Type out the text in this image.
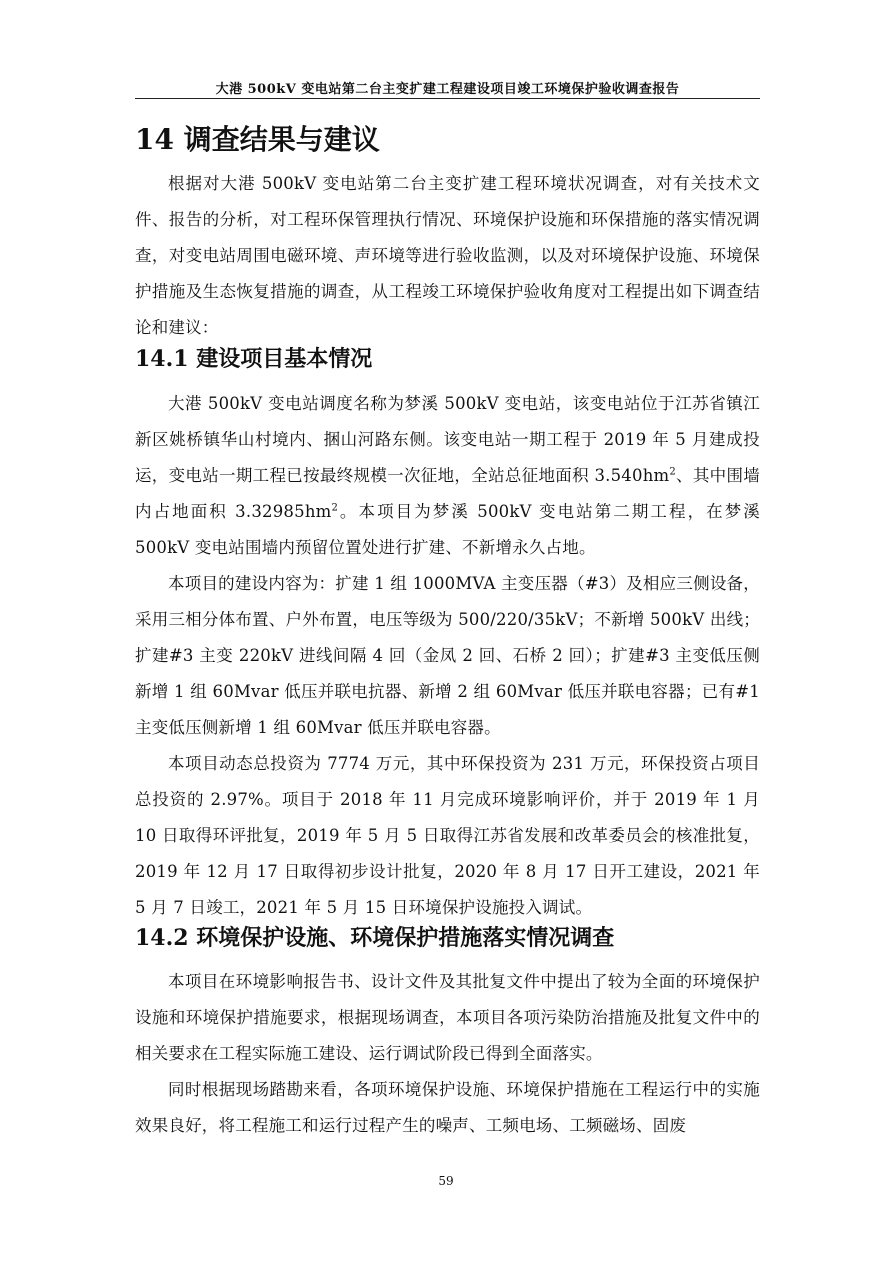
大港 500kV 变电站第二台主变扩建工程建设项目竣工环境保护验收调查报告
14 调查结果与建议

根据对大港 500kV 变电站第二台主变扩建工程环境状况调查，对有关技术文件、报告的分析，对工程环保管理执行情况、环境保护设施和环保措施的落实情况调查，对变电站周围电磁环境、声环境等进行验收监测，以及对环境保护设施、环境保护措施及生态恢复措施的调查，从工程竣工环境保护验收角度对工程提出如下调查结论和建议：

14.1 建设项目基本情况

大港 500kV 变电站调度名称为梦溪 500kV 变电站，该变电站位于江苏省镇江新区姚桥镇华山村境内、捆山河路东侧。该变电站一期工程于 2019 年 5 月建成投运，变电站一期工程已按最终规模一次征地，全站总征地面积 $3.540hm^2$、其中围墙内占地面积 $3.32985hm^2$。本项目为梦溪 500kV 变电站第二期工程，在梦溪 500kV 变电站围墙内预留位置处进行扩建、不新增永久占地。

本项目的建设内容为：扩建 1 组 1000MVA 主变压器（#3）及相应三侧设备，采用三相分体布置、户外布置，电压等级为 500/220/35kV；不新增 500kV 出线；扩建#3 主变 220kV 进线间隔 4 回（金凤 2 回、石桥 2 回）；扩建#3 主变低压侧新增 1 组 60Mvar 低压并联电抗器、新增 2 组 60Mvar 低压并联电容器；已有#1 主变低压侧新增 1 组 60Mvar 低压并联电容器。

本项目动态总投资为 7774 万元，其中环保投资为 231 万元，环保投资占项目总投资的 2.97%。项目于 2018 年 11 月完成环境影响评价，并于 2019 年 1 月 10 日取得环评批复，2019 年 5 月 5 日取得江苏省发展和改革委员会的核准批复，2019 年 12 月 17 日取得初步设计批复，2020 年 8 月 17 日开工建设，2021 年 5 月 7 日竣工，2021 年 5 月 15 日环境保护设施投入调试。

14.2 环境保护设施、环境保护措施落实情况调查

本项目在环境影响报告书、设计文件及其批复文件中提出了较为全面的环境保护设施和环境保护措施要求，根据现场调查，本项目各项污染防治措施及批复文件中的相关要求在工程实际施工建设、运行调试阶段已得到全面落实。

同时根据现场踏勘来看，各项环境保护设施、环境保护措施在工程运行中的实施效果良好，将工程施工和运行过程产生的噪声、工频电场、工频磁场、固废

59
